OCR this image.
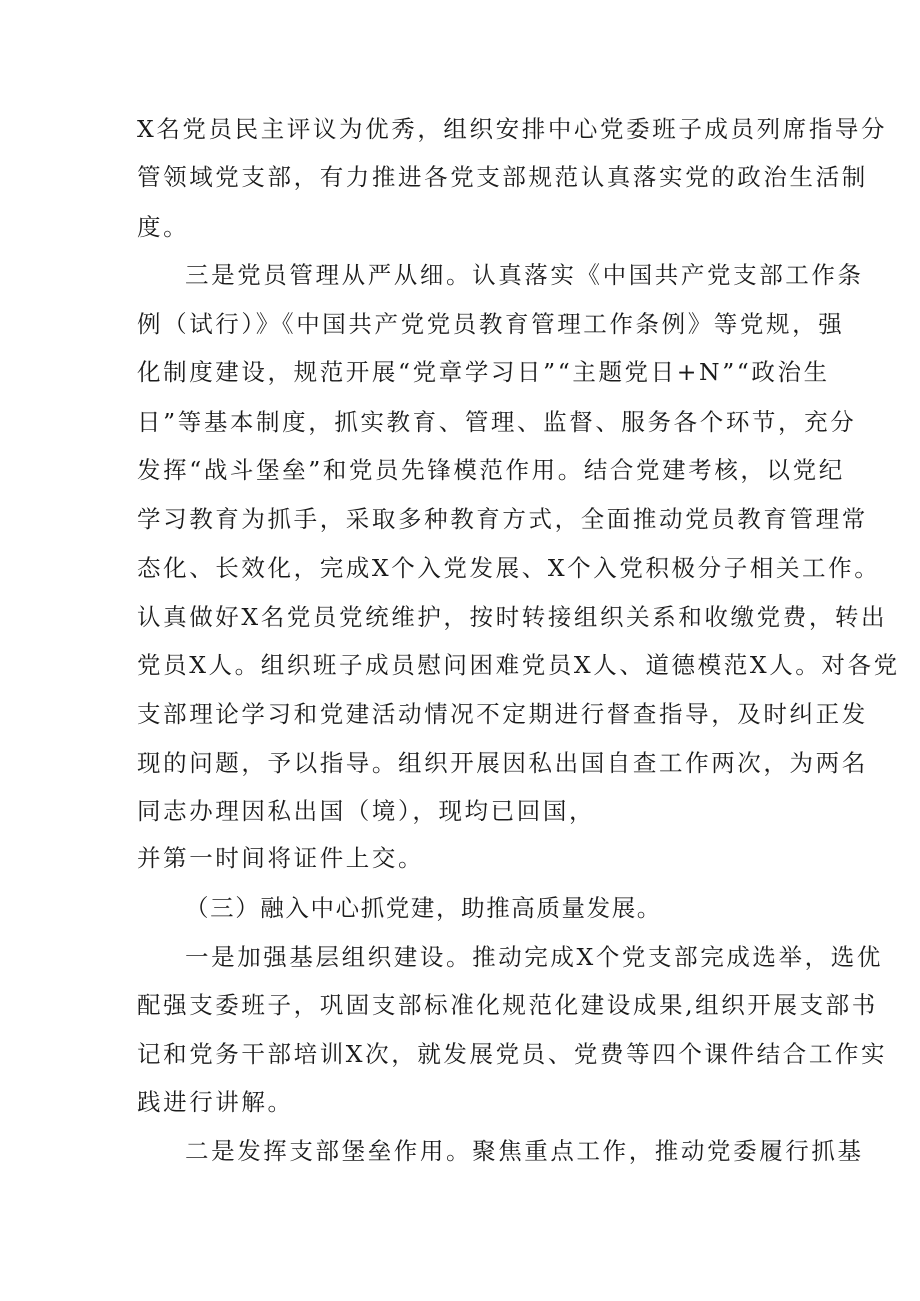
X名党员民主评议为优秀，组织安排中心党委班子成员列席指导分
管领域党支部，有力推进各党支部规范认真落实党的政治生活制
度。
三是党员管理从严从细。认真落实《中国共产党支部工作条
例（试行）》《中国共产党党员教育管理工作条例》等党规，强
化制度建设，规范开展“党章学习日”“主题党日+N”“政治生
日”等基本制度，抓实教育、管理、监督、服务各个环节，充分
发挥“战斗堡垒”和党员先锋模范作用。结合党建考核，以党纪
学习教育为抓手，采取多种教育方式，全面推动党员教育管理常
态化、长效化，完成X个入党发展、X个入党积极分子相关工作。
认真做好X名党员党统维护，按时转接组织关系和收缴党费，转出
党员X人。组织班子成员慰问困难党员X人、道德模范X人。对各党
支部理论学习和党建活动情况不定期进行督查指导，及时纠正发
现的问题，予以指导。组织开展因私出国自查工作两次，为两名
同志办理因私出国（境），现均已回国，
并第一时间将证件上交。
（三）融入中心抓党建，助推高质量发展。
一是加强基层组织建设。推动完成X个党支部完成选举，选优
配强支委班子，巩固支部标准化规范化建设成果,组织开展支部书
记和党务干部培训X次，就发展党员、党费等四个课件结合工作实
践进行讲解。
二是发挥支部堡垒作用。聚焦重点工作，推动党委履行抓基
